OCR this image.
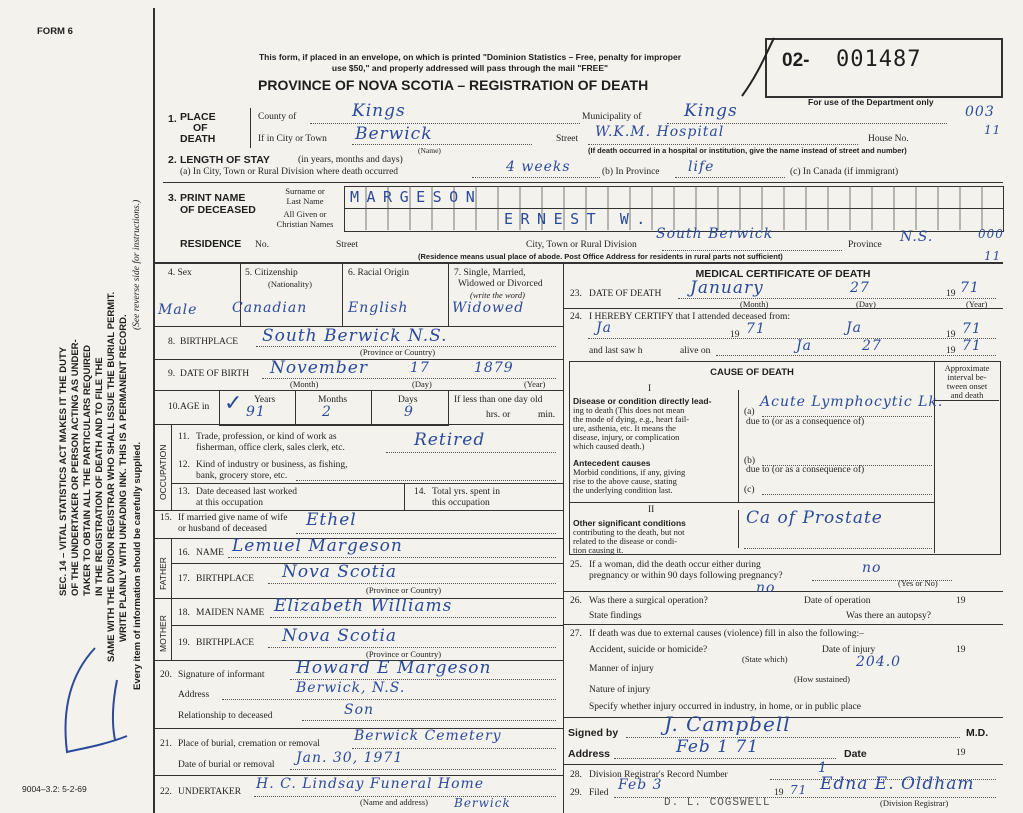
FORM 6
SEC. 14 – VITAL STATISTICS ACT MAKES IT THE DUTY OF THE UNDERTAKER OR PERSON ACTING AS UNDER- TAKER TO OBTAIN ALL THE PARTICULARS REQUIRED IN THE REGISTRATION OF DEATH AND TO FILE THE SAME WITH THE DIVISION REGISTRAR WHO SHALL ISSUE THE BURIAL PERMIT. WRITE PLAINLY WITH UNFADING INK. THIS IS A PERMANENT RECORD. Every item of information should be carefully supplied.
(See reverse side for instructions.)
9004–3.2: 5-2-69
This form, if placed in an envelope, on which is printed "Dominion Statistics – Free, penalty for improper
use $50," and properly addressed will pass through the mail "FREE"
PROVINCE OF NOVA SCOTIA – REGISTRATION OF DEATH
02- 001487
For use of the Department only
1. PLACE
OF
DEATH
County of	Kings	Municipality of	Kings	003
If in City or Town Berwick
(Name)
Street W.K.M. Hospital	House No.
11
(If death occurred in a hospital or institution, give the name instead of street and number)
2. LENGTH OF STAY	(in years, months and days)
(a) In City, Town or Rural Division where death occurred	4 weeks	(b) In Province life	(c) In Canada (if immigrant)
3. PRINT NAME
OF DECEASED
Surname or
Last Name
All Given or
Christian Names
MARGESON
ERNEST W.
RESIDENCE No.	Street	City, Town or Rural Division
South Berwick
Province N.S.	000
11
(Residence means usual place of abode. Post Office Address for residents in rural parts not sufficient)
4. Sex	5. Citizenship
(Nationality)
6. Racial Origin	7. Single, Married,
Widowed or Divorced
(write the word)
Male Canadian	English	Widowed
8. BIRTHPLACE South Berwick N.S.
(Province or Country)
9. DATE OF BIRTH November	17	1879
(Month)	(Day)	(Year)
10. AGE in
Years	Months	Days
✓ 91	2	9
If less than one day old
hrs. or	min.
OCCUPATION
11. Trade, profession, or kind of work as
fisherman, office clerk, sales clerk, etc.	Retired
12. Kind of industry or business, as fishing,
bank, grocery store, etc.
13. Date deceased last worked
at this occupation
14. Total yrs. spent in
this occupation
15. If married give name of wife
or husband of deceased Ethel
FATHER
16. NAME Lemuel Margeson
17. BIRTHPLACE Nova Scotia
(Province or Country)
MOTHER
18. MAIDEN NAME Elizabeth Williams
19. BIRTHPLACE Nova Scotia
(Province or Country)
20. Signature of informant Howard E Margeson
Address	Berwick, N.S.
Relationship to deceased	Son
21. Place of burial, cremation or removal Berwick Cemetery
Date of burial or removal Jan. 30, 1971
22. UNDERTAKER H. C. Lindsay Funeral Home
(Name and address) Berwick
MEDICAL CERTIFICATE OF DEATH
23. DATE OF DEATH January	27	19 71
(Month)	(Day)	(Year)
24. I HEREBY CERTIFY that I attended deceased from:
Ja	19 71	Ja	19 71
and last saw h	alive on	Ja	27	19 71
CAUSE OF DEATH	Approximate
interval be-
tween onset
and death
I
Disease or condition directly lead-
ing to death (This does not mean
the mode of dying, e.g., heart fail-
ure, asthenia, etc. It means the
disease, injury, or complication
which caused death.)
(a)
Acute Lymphocytic Lk.
due to (or as a consequence of)
Antecedent causes
Morbid conditions, if any, giving
rise to the above cause, stating
the underlying condition last.
(b)
due to (or as a consequence of)
(c)
II
Other significant conditions
contributing to the death, but not
related to the disease or condi-
tion causing it.
Ca of Prostate
25. If a woman, did the death occur either during
pregnancy or within 90 days following pregnancy?	no
(Yes or No)
26. Was there a surgical operation?
no
Date of operation	19
State findings	Was there an autopsy?
27. If death was due to external causes (violence) fill in also the following:–
Accident, suicide or homicide?
(State which)
Date of injury	19
Manner of injury	204.0
(How sustained)
Nature of injury
Specify whether injury occurred in industry, in home, or in public place
Signed by J. Campbell	M.D.
Address	Feb 1 71	Date	19
28. Division Registrar's Record Number	1
29. Filed Feb 3	19 71 Edna E. Oldham
(Division Registrar)
D. L. COGSWELL
